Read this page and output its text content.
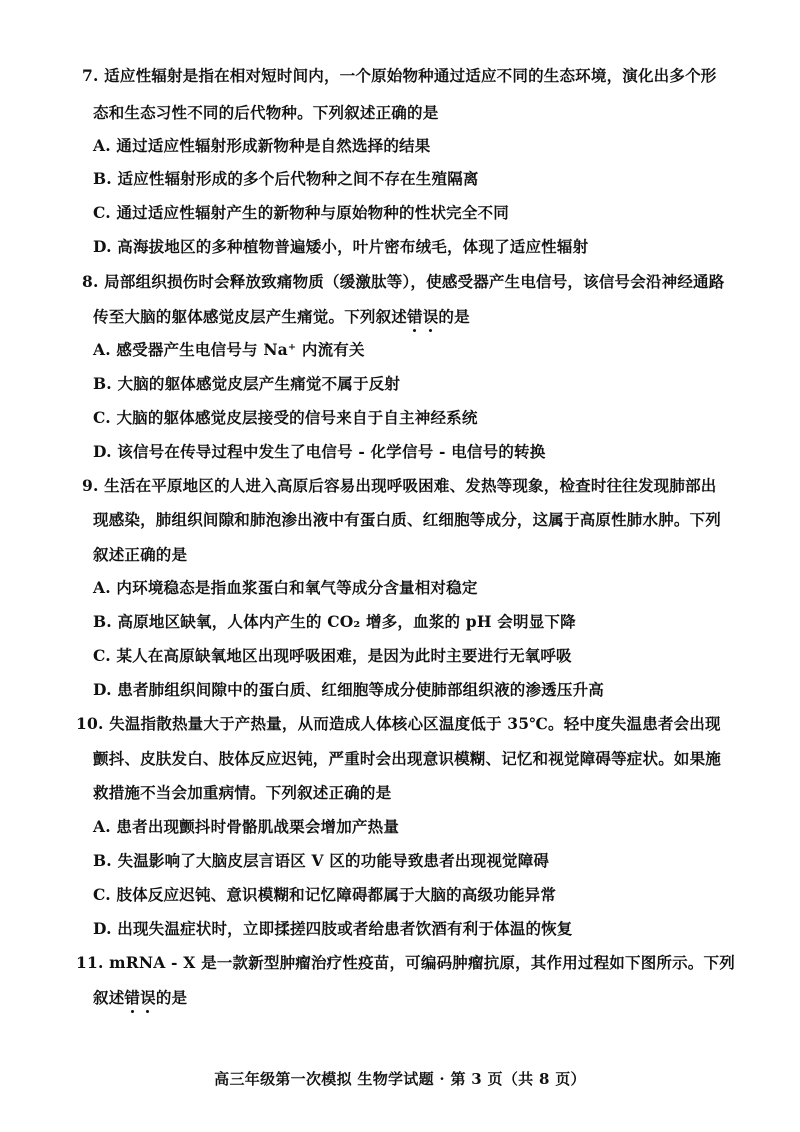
7. 适应性辐射是指在相对短时间内，一个原始物种通过适应不同的生态环境，演化出多个形
态和生态习性不同的后代物种。下列叙述正确的是
A. 通过适应性辐射形成新物种是自然选择的结果
B. 适应性辐射形成的多个后代物种之间不存在生殖隔离
C. 通过适应性辐射产生的新物种与原始物种的性状完全不同
D. 高海拔地区的多种植物普遍矮小，叶片密布绒毛，体现了适应性辐射
8. 局部组织损伤时会释放致痛物质（缓激肽等），使感受器产生电信号，该信号会沿神经通路
传至大脑的躯体感觉皮层产生痛觉。下列叙述错误的是
A. 感受器产生电信号与 Na⁺ 内流有关
B. 大脑的躯体感觉皮层产生痛觉不属于反射
C. 大脑的躯体感觉皮层接受的信号来自于自主神经系统
D. 该信号在传导过程中发生了电信号 - 化学信号 - 电信号的转换
9. 生活在平原地区的人进入高原后容易出现呼吸困难、发热等现象，检查时往往发现肺部出
现感染，肺组织间隙和肺泡渗出液中有蛋白质、红细胞等成分，这属于高原性肺水肿。下列
叙述正确的是
A. 内环境稳态是指血浆蛋白和氧气等成分含量相对稳定
B. 高原地区缺氧，人体内产生的 CO₂ 增多，血浆的 pH 会明显下降
C. 某人在高原缺氧地区出现呼吸困难，是因为此时主要进行无氧呼吸
D. 患者肺组织间隙中的蛋白质、红细胞等成分使肺部组织液的渗透压升高
10. 失温指散热量大于产热量，从而造成人体核心区温度低于 35℃。轻中度失温患者会出现
颤抖、皮肤发白、肢体反应迟钝，严重时会出现意识模糊、记忆和视觉障碍等症状。如果施
救措施不当会加重病情。下列叙述正确的是
A. 患者出现颤抖时骨骼肌战栗会增加产热量
B. 失温影响了大脑皮层言语区 V 区的功能导致患者出现视觉障碍
C. 肢体反应迟钝、意识模糊和记忆障碍都属于大脑的高级功能异常
D. 出现失温症状时，立即揉搓四肢或者给患者饮酒有利于体温的恢复
11. mRNA - X 是一款新型肿瘤治疗性疫苗，可编码肿瘤抗原，其作用过程如下图所示。下列
叙述错误的是
高三年级第一次模拟 生物学试题 · 第 3 页（共 8 页）
